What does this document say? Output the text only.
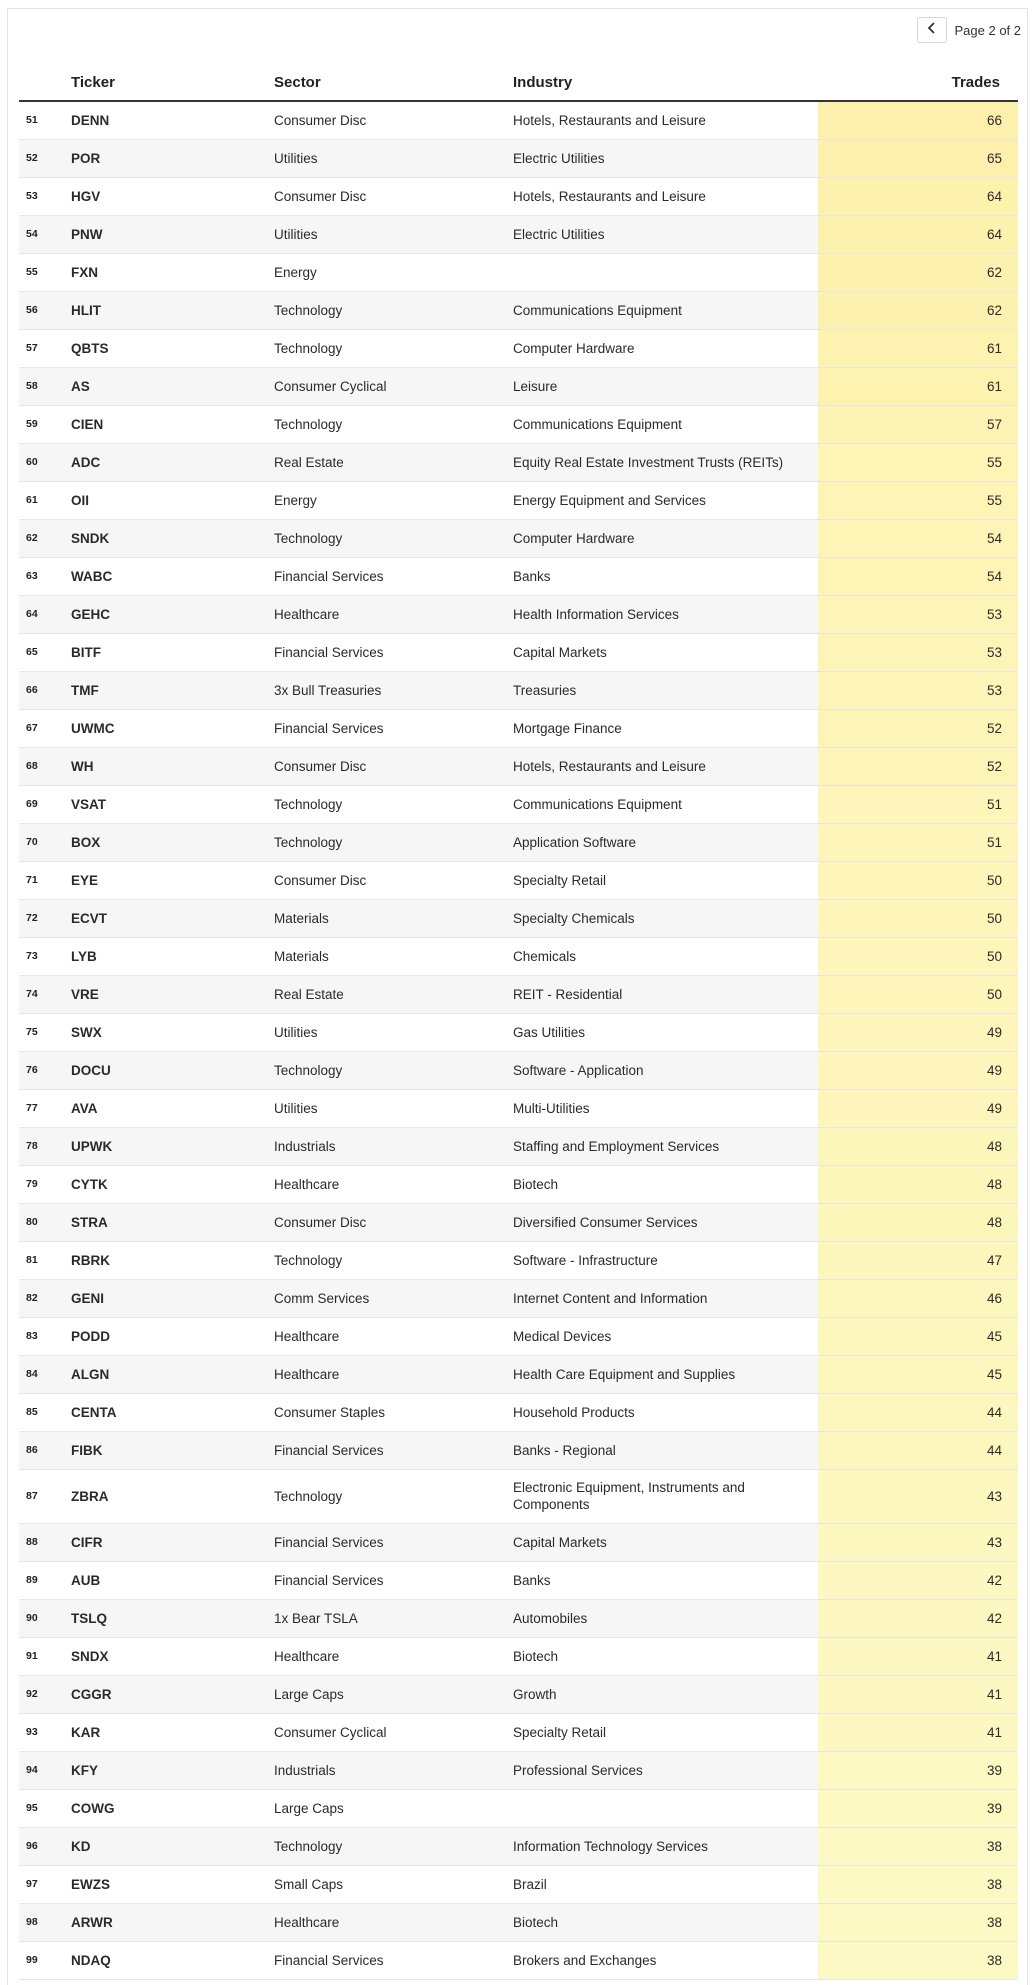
Page 2 of 2
	Ticker	Sector	Industry	Trades
51	DENN	Consumer Disc	Hotels, Restaurants and Leisure	66
52	POR	Utilities	Electric Utilities	65
53	HGV	Consumer Disc	Hotels, Restaurants and Leisure	64
54	PNW	Utilities	Electric Utilities	64
55	FXN	Energy		62
56	HLIT	Technology	Communications Equipment	62
57	QBTS	Technology	Computer Hardware	61
58	AS	Consumer Cyclical	Leisure	61
59	CIEN	Technology	Communications Equipment	57
60	ADC	Real Estate	Equity Real Estate Investment Trusts (REITs)	55
61	OII	Energy	Energy Equipment and Services	55
62	SNDK	Technology	Computer Hardware	54
63	WABC	Financial Services	Banks	54
64	GEHC	Healthcare	Health Information Services	53
65	BITF	Financial Services	Capital Markets	53
66	TMF	3x Bull Treasuries	Treasuries	53
67	UWMC	Financial Services	Mortgage Finance	52
68	WH	Consumer Disc	Hotels, Restaurants and Leisure	52
69	VSAT	Technology	Communications Equipment	51
70	BOX	Technology	Application Software	51
71	EYE	Consumer Disc	Specialty Retail	50
72	ECVT	Materials	Specialty Chemicals	50
73	LYB	Materials	Chemicals	50
74	VRE	Real Estate	REIT - Residential	50
75	SWX	Utilities	Gas Utilities	49
76	DOCU	Technology	Software - Application	49
77	AVA	Utilities	Multi-Utilities	49
78	UPWK	Industrials	Staffing and Employment Services	48
79	CYTK	Healthcare	Biotech	48
80	STRA	Consumer Disc	Diversified Consumer Services	48
81	RBRK	Technology	Software - Infrastructure	47
82	GENI	Comm Services	Internet Content and Information	46
83	PODD	Healthcare	Medical Devices	45
84	ALGN	Healthcare	Health Care Equipment and Supplies	45
85	CENTA	Consumer Staples	Household Products	44
86	FIBK	Financial Services	Banks - Regional	44
87	ZBRA	Technology	Electronic Equipment, Instruments and Components	43
88	CIFR	Financial Services	Capital Markets	43
89	AUB	Financial Services	Banks	42
90	TSLQ	1x Bear TSLA	Automobiles	42
91	SNDX	Healthcare	Biotech	41
92	CGGR	Large Caps	Growth	41
93	KAR	Consumer Cyclical	Specialty Retail	41
94	KFY	Industrials	Professional Services	39
95	COWG	Large Caps		39
96	KD	Technology	Information Technology Services	38
97	EWZS	Small Caps	Brazil	38
98	ARWR	Healthcare	Biotech	38
99	NDAQ	Financial Services	Brokers and Exchanges	38
